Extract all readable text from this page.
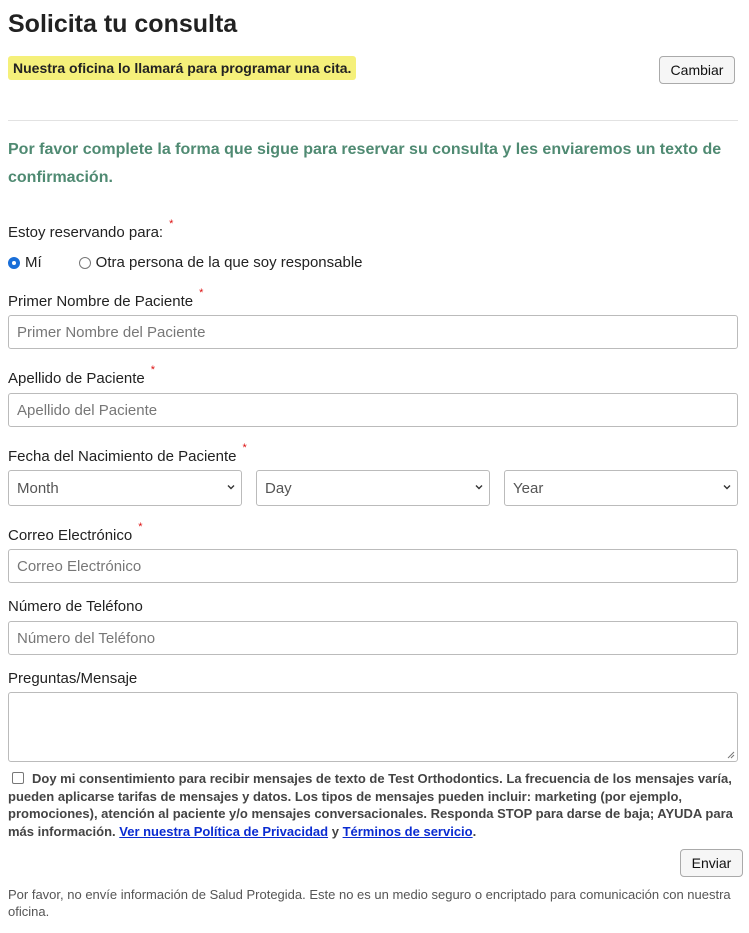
Solicita tu consulta
Nuestra oficina lo llamará para programar una cita.	Cambiar
Por favor complete la forma que sigue para reservar su consulta y les enviaremos un texto de confirmación.
Estoy reservando para: *
Mí	Otra persona de la que soy responsable
Primer Nombre de Paciente *
Primer Nombre del Paciente
Apellido de Paciente *
Apellido del Paciente
Fecha del Nacimiento de Paciente *
Month	Day	Year
Correo Electrónico *
Correo Electrónico
Número de Teléfono
Número del Teléfono
Preguntas/Mensaje
Doy mi consentimiento para recibir mensajes de texto de Test Orthodontics. La frecuencia de los mensajes varía, pueden aplicarse tarifas de mensajes y datos. Los tipos de mensajes pueden incluir: marketing (por ejemplo, promociones), atención al paciente y/o mensajes conversacionales. Responda STOP para darse de baja; AYUDA para más información. Ver nuestra Política de Privacidad y Términos de servicio.
Enviar
Por favor, no envíe información de Salud Protegida. Este no es un medio seguro o encriptado para comunicación con nuestra oficina.
